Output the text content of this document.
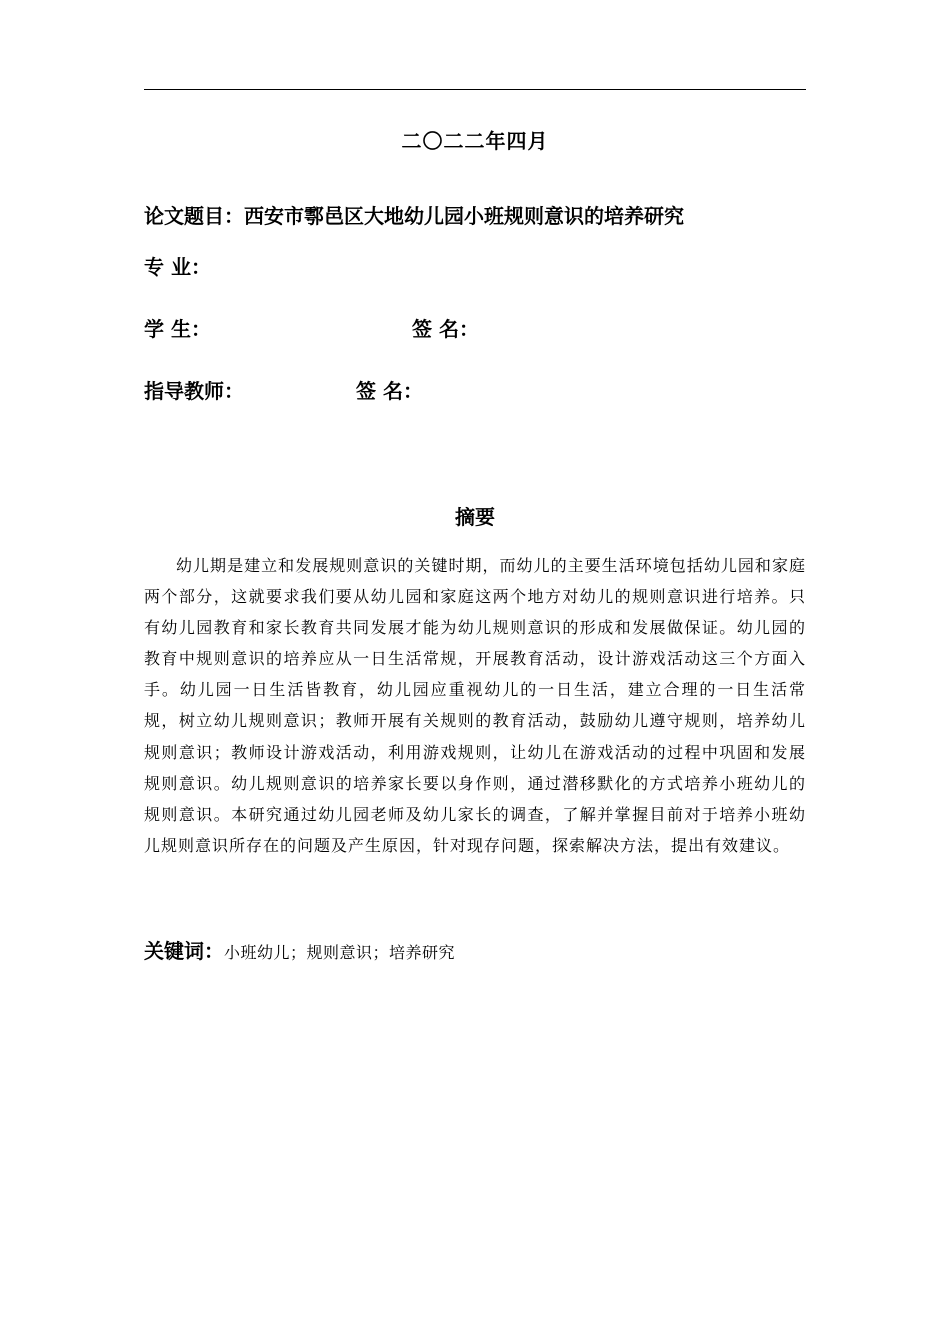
二〇二二年四月
论文题目：西安市鄠邑区大地幼儿园小班规则意识的培养研究
专 业：
学 生：	签 名：
指导教师：	签 名：
摘要
幼儿期是建立和发展规则意识的关键时期，而幼儿的主要生活环境包括幼儿园和家庭两个部分，这就要求我们要从幼儿园和家庭这两个地方对幼儿的规则意识进行培养。只有幼儿园教育和家长教育共同发展才能为幼儿规则意识的形成和发展做保证。幼儿园的教育中规则意识的培养应从一日生活常规，开展教育活动，设计游戏活动这三个方面入手。幼儿园一日生活皆教育，幼儿园应重视幼儿的一日生活，建立合理的一日生活常规，树立幼儿规则意识；教师开展有关规则的教育活动，鼓励幼儿遵守规则，培养幼儿规则意识；教师设计游戏活动，利用游戏规则，让幼儿在游戏活动的过程中巩固和发展规则意识。幼儿规则意识的培养家长要以身作则，通过潜移默化的方式培养小班幼儿的规则意识。本研究通过幼儿园老师及幼儿家长的调查，了解并掌握目前对于培养小班幼儿规则意识所存在的问题及产生原因，针对现存问题，探索解决方法，提出有效建议。
关键词：小班幼儿；规则意识；培养研究
